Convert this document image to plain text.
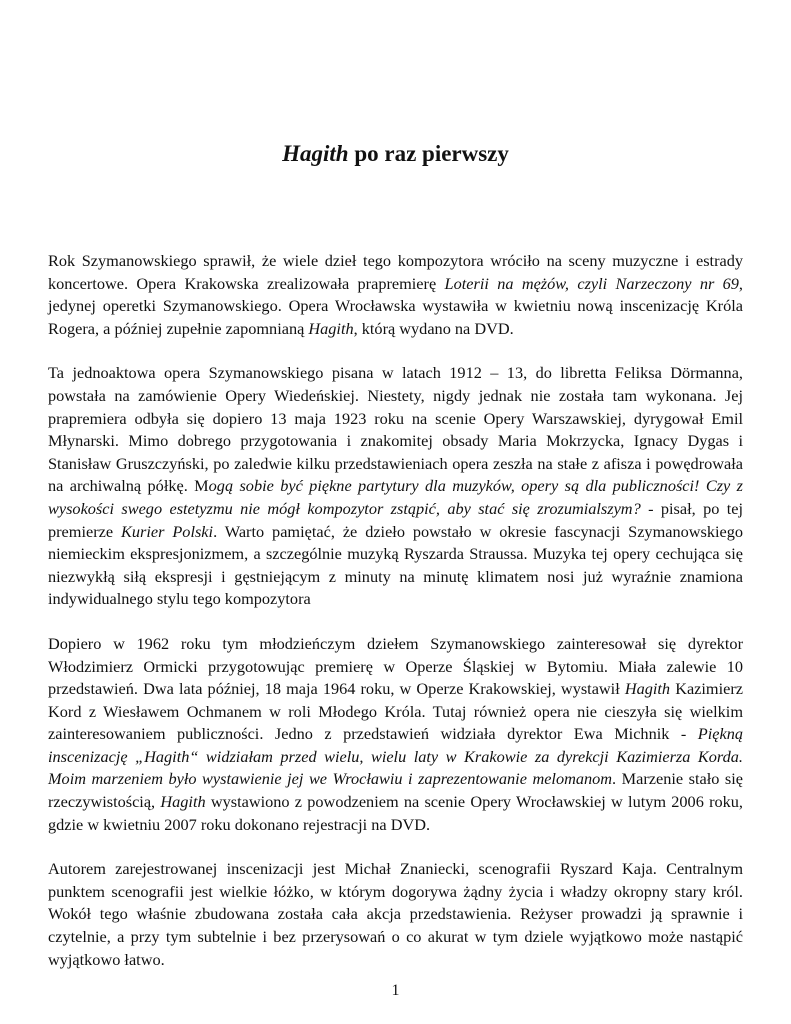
Hagith po raz pierwszy

Rok Szymanowskiego sprawił, że wiele dzieł tego kompozytora wróciło na sceny muzyczne i estrady koncertowe. Opera Krakowska zrealizowała prapremierę Loterii na mężów, czyli Narzeczony nr 69, jedynej operetki Szymanowskiego. Opera Wrocławska wystawiła w kwietniu nową inscenizację Króla Rogera, a później zupełnie zapomnianą Hagith, którą wydano na DVD.

Ta jednoaktowa opera Szymanowskiego pisana w latach 1912 – 13, do libretta Feliksa Dörmanna, powstała na zamówienie Opery Wiedeńskiej. Niestety, nigdy jednak nie została tam wykonana. Jej prapremiera odbyła się dopiero 13 maja 1923 roku na scenie Opery Warszawskiej, dyrygował Emil Młynarski. Mimo dobrego przygotowania i znakomitej obsady Maria Mokrzycka, Ignacy Dygas i Stanisław Gruszczyński, po zaledwie kilku przedstawieniach opera zeszła na stałe z afisza i powędrowała na archiwalną półkę. Mogą sobie być piękne partytury dla muzyków, opery są dla publiczności! Czy z wysokości swego estetyzmu nie mógł kompozytor zstąpić, aby stać się zrozumialszym? - pisał, po tej premierze Kurier Polski. Warto pamiętać, że dzieło powstało w okresie fascynacji Szymanowskiego niemieckim ekspresjonizmem, a szczególnie muzyką Ryszarda Straussa. Muzyka tej opery cechująca się niezwykłą siłą ekspresji i gęstniejącym z minuty na minutę klimatem nosi już wyraźnie znamiona indywidualnego stylu tego kompozytora

Dopiero w 1962 roku tym młodzieńczym dziełem Szymanowskiego zainteresował się dyrektor Włodzimierz Ormicki przygotowując premierę w Operze Śląskiej w Bytomiu. Miała zalewie 10 przedstawień. Dwa lata później, 18 maja 1964 roku, w Operze Krakowskiej, wystawił Hagith Kazimierz Kord z Wiesławem Ochmanem w roli Młodego Króla. Tutaj również opera nie cieszyła się wielkim zainteresowaniem publiczności. Jedno z przedstawień widziała dyrektor Ewa Michnik - Piękną inscenizację „Hagith“ widziałam przed wielu, wielu laty w Krakowie za dyrekcji Kazimierza Korda. Moim marzeniem było wystawienie jej we Wrocławiu i zaprezentowanie melomanom. Marzenie stało się rzeczywistością, Hagith wystawiono z powodzeniem na scenie Opery Wrocławskiej w lutym 2006 roku, gdzie w kwietniu 2007 roku dokonano rejestracji na DVD.

Autorem zarejestrowanej inscenizacji jest Michał Znaniecki, scenografii Ryszard Kaja. Centralnym punktem scenografii jest wielkie łóżko, w którym dogorywa żądny życia i władzy okropny stary król. Wokół tego właśnie zbudowana została cała akcja przedstawienia. Reżyser prowadzi ją sprawnie i czytelnie, a przy tym subtelnie i bez przerysowań o co akurat w tym dziele wyjątkowo może nastąpić wyjątkowo łatwo.

1
